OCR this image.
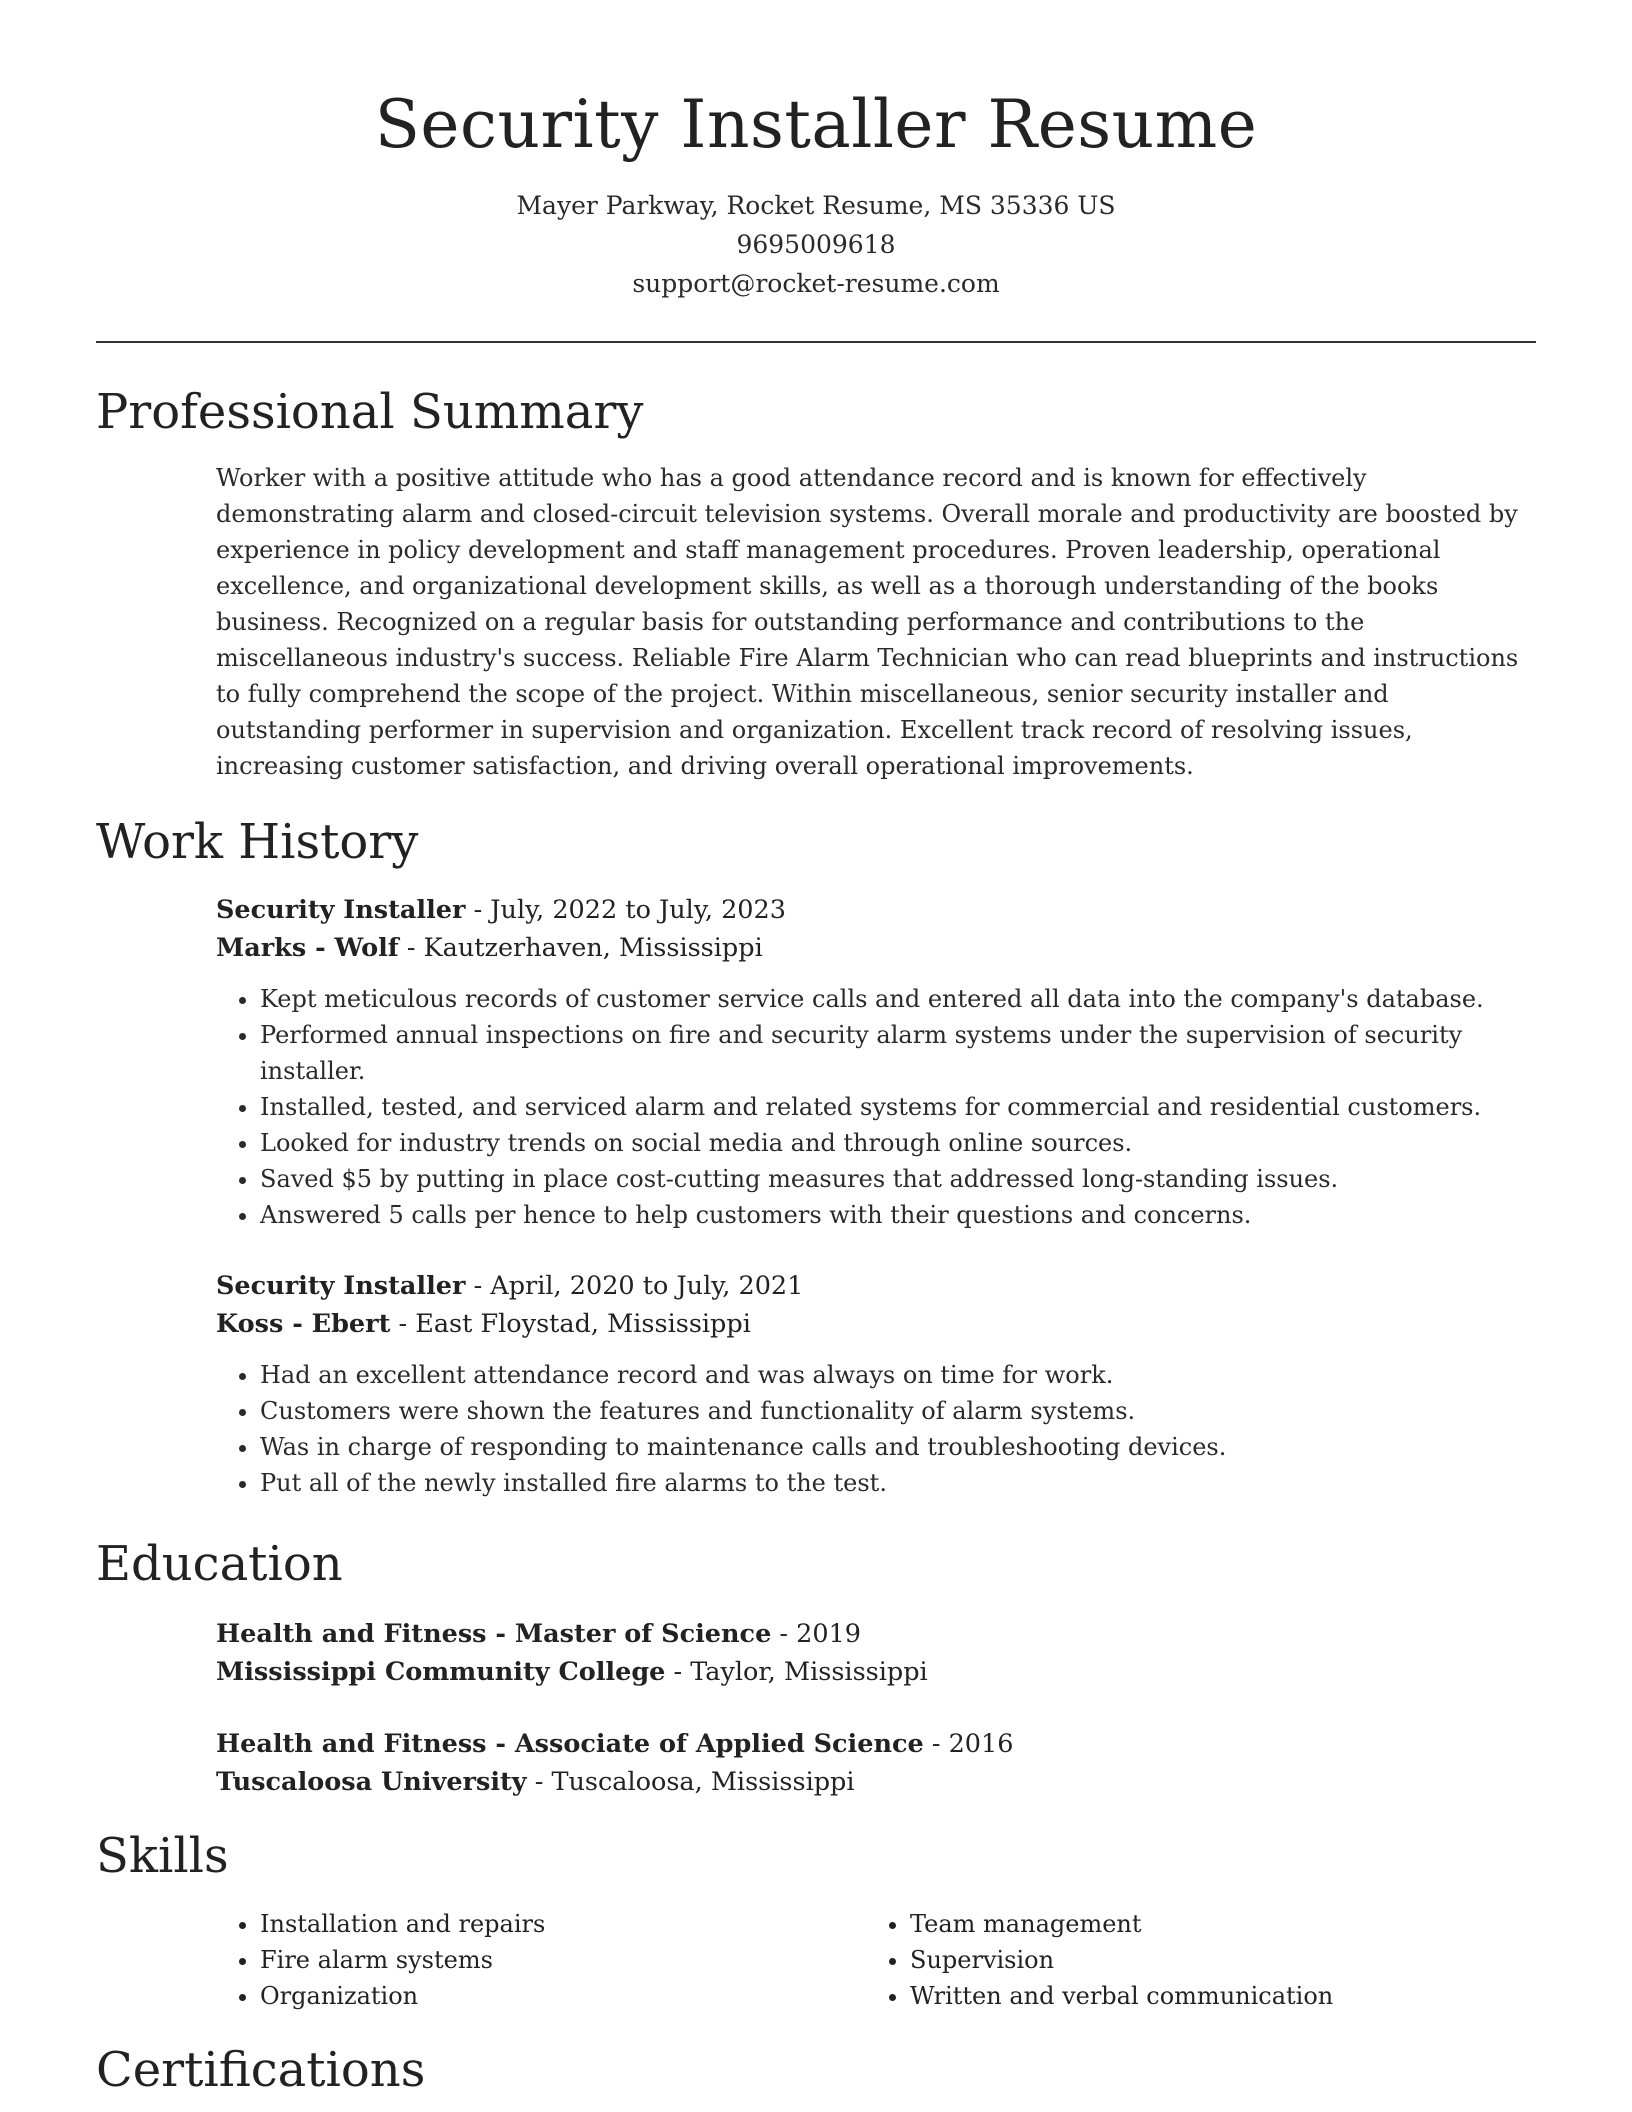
Security Installer Resume
Mayer Parkway, Rocket Resume, MS 35336 US
9695009618
support@rocket-resume.com
Professional Summary
Worker with a positive attitude who has a good attendance record and is known for effectively demonstrating alarm and closed-circuit television systems. Overall morale and productivity are boosted by experience in policy development and staff management procedures. Proven leadership, operational excellence, and organizational development skills, as well as a thorough understanding of the books business. Recognized on a regular basis for outstanding performance and contributions to the miscellaneous industry's success. Reliable Fire Alarm Technician who can read blueprints and instructions to fully comprehend the scope of the project. Within miscellaneous, senior security installer and outstanding performer in supervision and organization. Excellent track record of resolving issues, increasing customer satisfaction, and driving overall operational improvements.
Work History
Security Installer - July, 2022 to July, 2023
Marks - Wolf - Kautzerhaven, Mississippi
• Kept meticulous records of customer service calls and entered all data into the company's database.
• Performed annual inspections on fire and security alarm systems under the supervision of security installer.
• Installed, tested, and serviced alarm and related systems for commercial and residential customers.
• Looked for industry trends on social media and through online sources.
• Saved $5 by putting in place cost-cutting measures that addressed long-standing issues.
• Answered 5 calls per hence to help customers with their questions and concerns.
Security Installer - April, 2020 to July, 2021
Koss - Ebert - East Floystad, Mississippi
• Had an excellent attendance record and was always on time for work.
• Customers were shown the features and functionality of alarm systems.
• Was in charge of responding to maintenance calls and troubleshooting devices.
• Put all of the newly installed fire alarms to the test.
Education
Health and Fitness - Master of Science - 2019
Mississippi Community College - Taylor, Mississippi
Health and Fitness - Associate of Applied Science - 2016
Tuscaloosa University - Tuscaloosa, Mississippi
Skills
• Installation and repairs
• Fire alarm systems
• Organization
• Team management
• Supervision
• Written and verbal communication
Certifications
